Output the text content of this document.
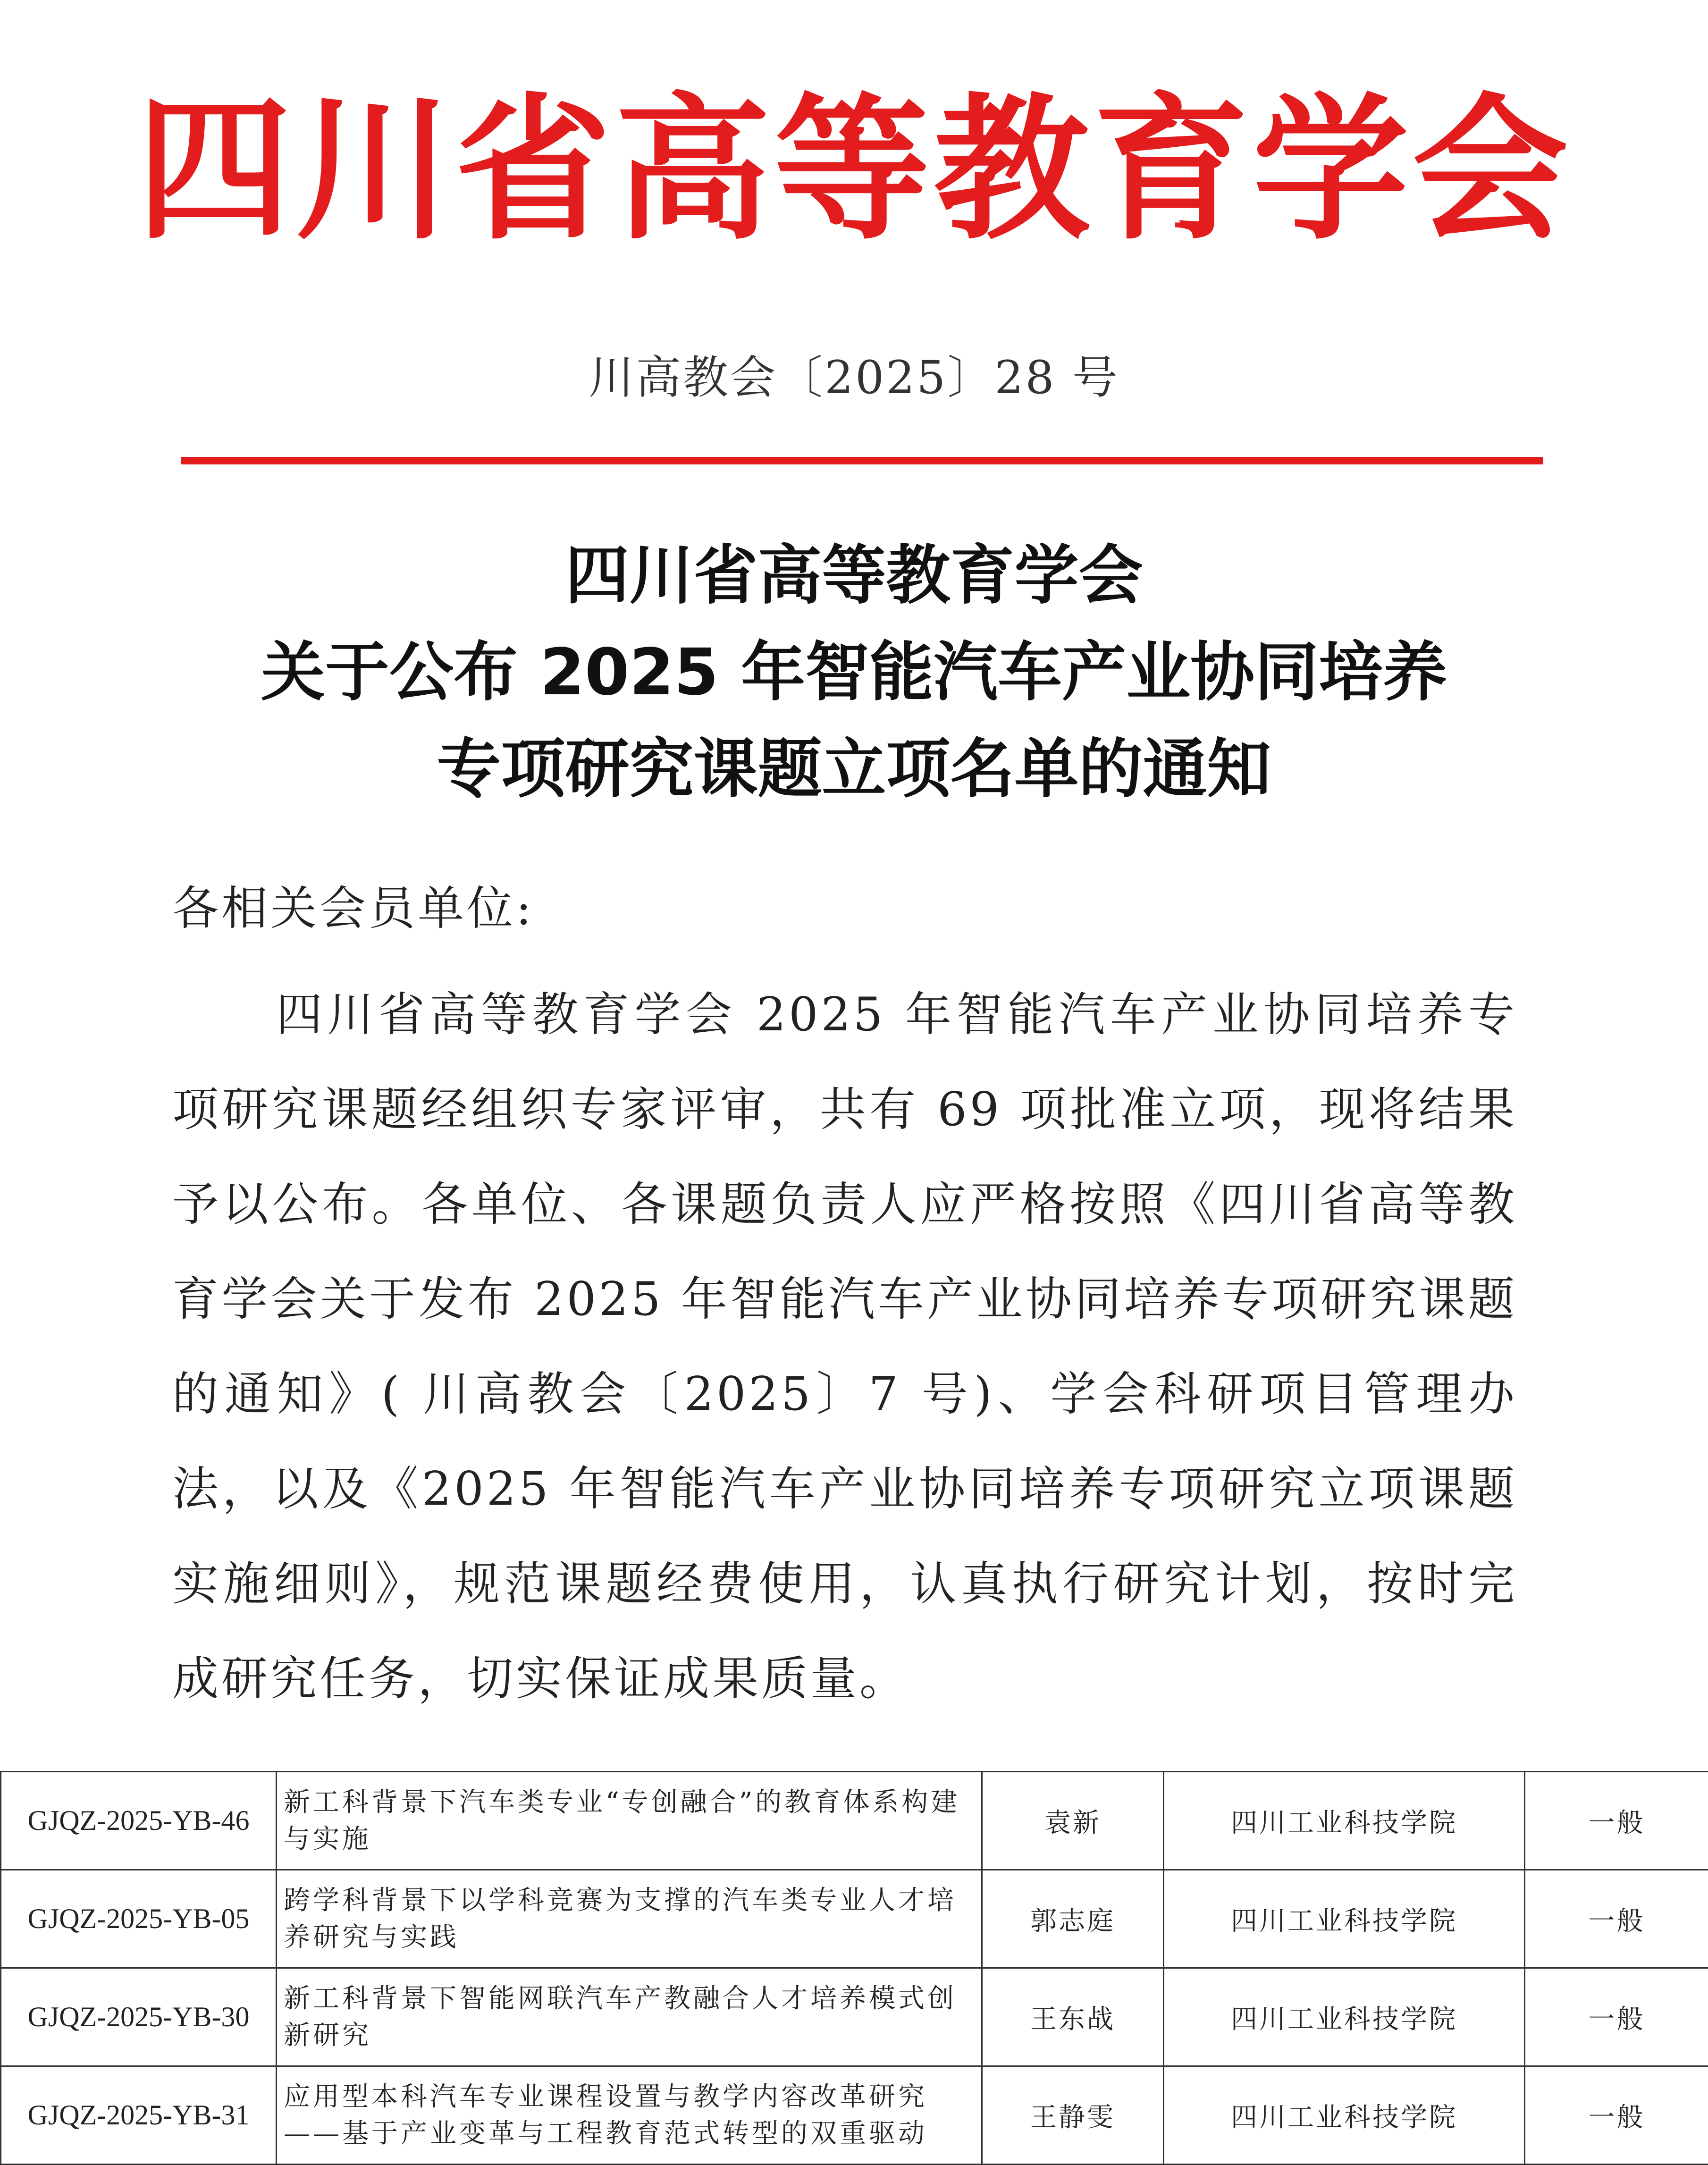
四川省高等教育学会
川高教会〔2025〕28 号
四川省高等教育学会
关于公布 2025 年智能汽车产业协同培养
专项研究课题立项名单的通知
各相关会员单位:
四川省高等教育学会 2025 年智能汽车产业协同培养专项研究课题经组织专家评审，共有 69 项批准立项，现将结果予以公布。各单位、各课题负责人应严格按照《四川省高等教育学会关于发布 2025 年智能汽车产业协同培养专项研究课题的通知》( 川高教会〔2025〕7 号)、学会科研项目管理办法，以及《2025 年智能汽车产业协同培养专项研究立项课题实施细则》，规范课题经费使用，认真执行研究计划，按时完成研究任务，切实保证成果质量。
GJQZ-2025-YB-46	新工科背景下汽车类专业“专创融合”的教育体系构建与实施	袁新	四川工业科技学院	一般
GJQZ-2025-YB-05	跨学科背景下以学科竞赛为支撑的汽车类专业人才培养研究与实践	郭志庭	四川工业科技学院	一般
GJQZ-2025-YB-30	新工科背景下智能网联汽车产教融合人才培养模式创新研究	王东战	四川工业科技学院	一般
GJQZ-2025-YB-31	应用型本科汽车专业课程设置与教学内容改革研究——基于产业变革与工程教育范式转型的双重驱动	王静雯	四川工业科技学院	一般
